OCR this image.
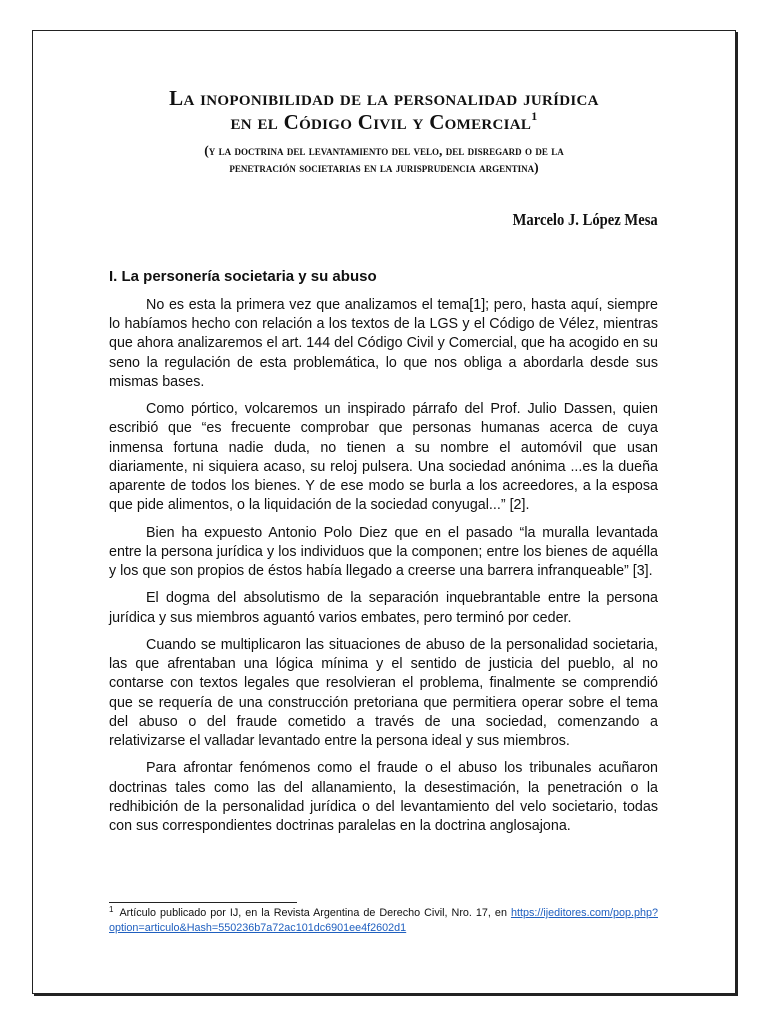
La inoponibilidad de la personalidad jurídica
en el Código Civil y Comercial$^1$
(y la doctrina del levantamiento del velo, del disregard o de la
penetración societarias en la jurisprudencia argentina)
Marcelo J. López Mesa
I. La personería societaria y su abuso

No es esta la primera vez que analizamos el tema[1]; pero, hasta aquí, siempre lo habíamos hecho con relación a los textos de la LGS y el Código de Vélez, mientras que ahora analizaremos el art. 144 del Código Civil y Comercial, que ha acogido en su seno la regulación de esta problemática, lo que nos obliga a abordarla desde sus mismas bases.

Como pórtico, volcaremos un inspirado párrafo del Prof. Julio Dassen, quien escribió que “es frecuente comprobar que personas humanas acerca de cuya inmensa fortuna nadie duda, no tienen a su nombre el automóvil que usan diariamente, ni siquiera acaso, su reloj pulsera. Una sociedad anónima ...es la dueña aparente de todos los bienes. Y de ese modo se burla a los acreedores, a la esposa que pide alimentos, o la liquidación de la sociedad conyugal...” [2].

Bien ha expuesto Antonio Polo Diez que en el pasado “la muralla levantada entre la persona jurídica y los individuos que la componen; entre los bienes de aquélla y los que son propios de éstos había llegado a creerse una barrera infranqueable” [3].

El dogma del absolutismo de la separación inquebrantable entre la persona jurídica y sus miembros aguantó varios embates, pero terminó por ceder.

Cuando se multiplicaron las situaciones de abuso de la personalidad societaria, las que afrentaban una lógica mínima y el sentido de justicia del pueblo, al no contarse con textos legales que resolvieran el problema, finalmente se comprendió que se requería de una construcción pretoriana que permitiera operar sobre el tema del abuso o del fraude cometido a través de una sociedad, comenzando a relativizarse el valladar levantado entre la persona ideal y sus miembros.

Para afrontar fenómenos como el fraude o el abuso los tribunales acuñaron doctrinas tales como las del allanamiento, la desestimación, la penetración o la redhibición de la personalidad jurídica o del levantamiento del velo societario, todas con sus correspondientes doctrinas paralelas en la doctrina anglosajona.

$^1$ Artículo publicado por IJ, en la Revista Argentina de Derecho Civil, Nro. 17, en https://ijeditores.com/pop.php?option=articulo&Hash=550236b7a72ac101dc6901ee4f2602d1
